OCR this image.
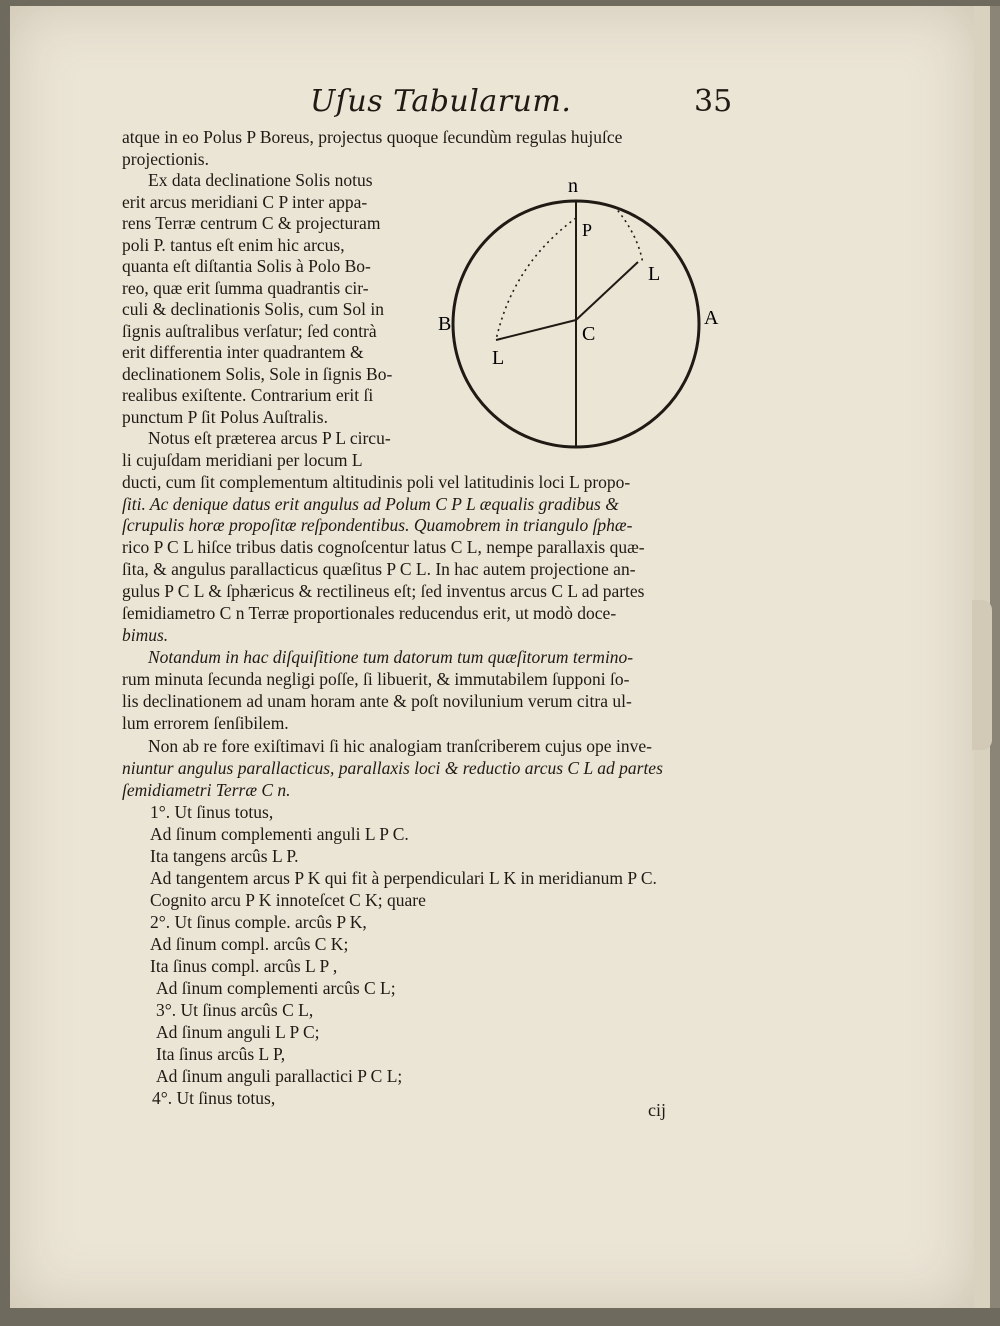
Uſus Tabularum.	35
atque in eo Polus P Boreus, projectus quoque ſecundùm regulas hujuſce
projectionis.
Ex data declinatione Solis notus
erit arcus meridiani C P inter appa-
rens Terræ centrum C & projecturam
poli P. tantus eſt enim hic arcus,
quanta eſt diſtantia Solis à Polo Bo-
reo, quæ erit ſumma quadrantis cir-
culi & declinationis Solis, cum Sol in
ſignis auſtralibus verſatur; ſed contrà
erit differentia inter quadrantem &
declinationem Solis, Sole in ſignis Bo-
realibus exiſtente. Contrarium erit ſi
punctum P ſit Polus Auſtralis.
Notus eſt præterea arcus P L circu-
li cujuſdam meridiani per locum L
ducti, cum ſit complementum altitudinis poli vel latitudinis loci L propo-
ſiti. Ac denique datus erit angulus ad Polum C P L æqualis gradibus &
ſcrupulis horæ propoſitæ reſpondentibus. Quamobrem in triangulo ſphæ-
rico P C L hiſce tribus datis cognoſcentur latus C L, nempe parallaxis quæ-
ſita, & angulus parallacticus quæſitus P C L. In hac autem projectione an-
gulus P C L & ſphæricus & rectilineus eſt; ſed inventus arcus C L ad partes
ſemidiametro C n Terræ proportionales reducendus erit, ut modò doce-
bimus.
Notandum in hac diſquiſitione tum datorum tum quæſitorum termino-
rum minuta ſecunda negligi poſſe, ſi libuerit, & immutabilem ſupponi ſo-
lis declinationem ad unam horam ante & poſt novilunium verum citra ul-
lum errorem ſenſibilem.
Non ab re fore exiſtimavi ſi hic analogiam tranſcriberem cujus ope inve-
niuntur angulus parallacticus, parallaxis loci & reductio arcus C L ad partes
ſemidiametri Terræ C n.
1°. Ut ſinus totus,
Ad ſinum complementi anguli L P C.
Ita tangens arcûs L P.
Ad tangentem arcus P K qui fit à perpendiculari L K in meridianum P C.
Cognito arcu P K innoteſcet C K; quare
2°. Ut ſinus comple. arcûs P K,
Ad ſinum compl. arcûs C K;
Ita ſinus compl. arcûs L P ,
Ad ſinum complementi arcûs C L;
3°. Ut ſinus arcûs C L,
Ad ſinum anguli L P C;
Ita ſinus arcûs L P,
Ad ſinum anguli parallactici P C L;
4°. Ut ſinus totus,
cij
n
P
L
L
C
B	A
